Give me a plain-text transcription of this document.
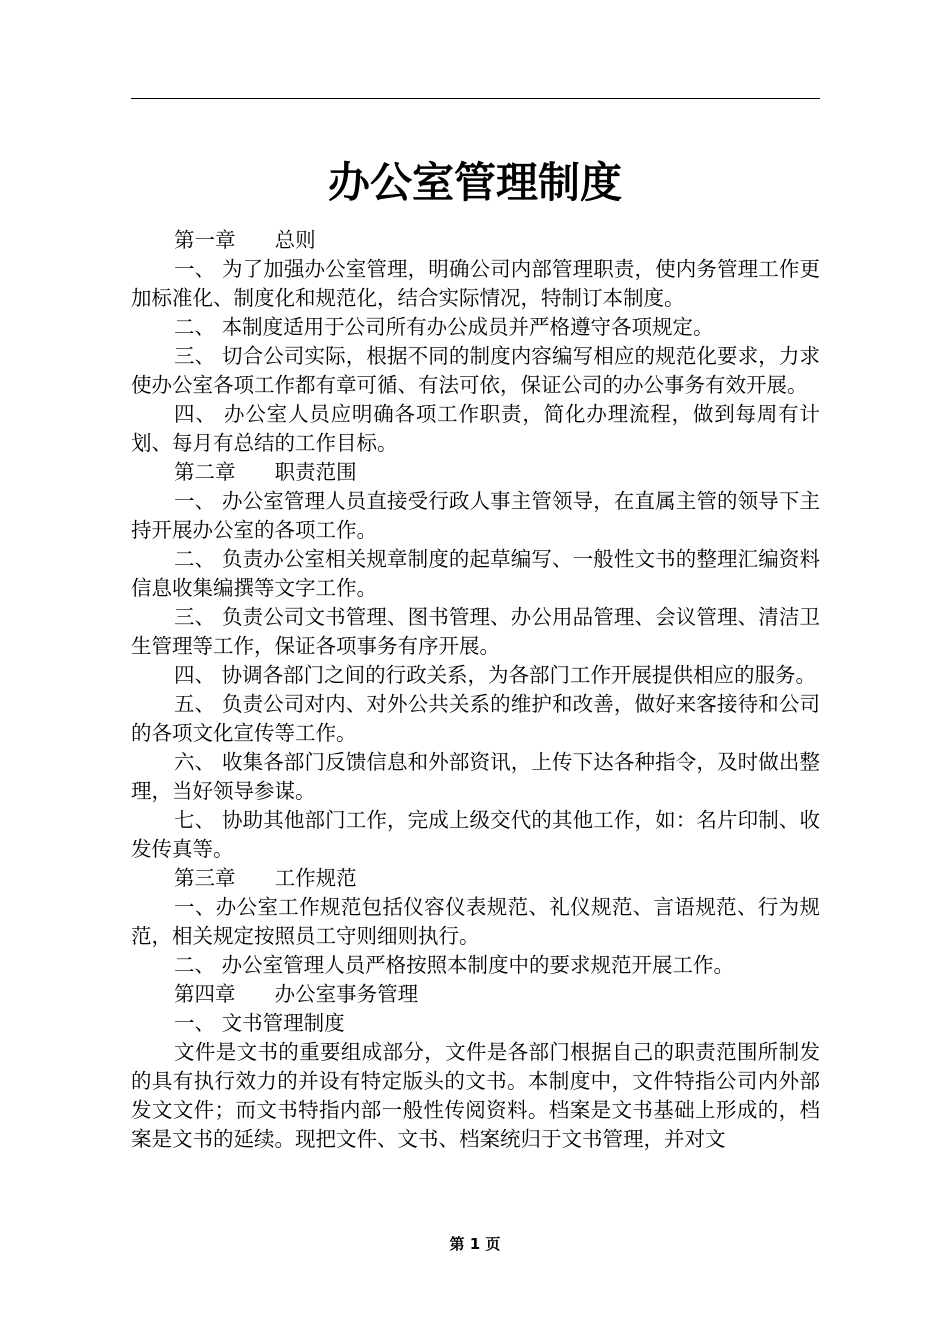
办公室管理制度

第一章      总则

一、 为了加强办公室管理，明确公司内部管理职责，使内务管理工作更加标准化、制度化和规范化，结合实际情况，特制订本制度。

二、 本制度适用于公司所有办公成员并严格遵守各项规定。

三、 切合公司实际，根据不同的制度内容编写相应的规范化要求，力求使办公室各项工作都有章可循、有法可依，保证公司的办公事务有效开展。

四、 办公室人员应明确各项工作职责，简化办理流程，做到每周有计划、每月有总结的工作目标。

第二章      职责范围

一、 办公室管理人员直接受行政人事主管领导，在直属主管的领导下主持开展办公室的各项工作。

二、 负责办公室相关规章制度的起草编写、一般性文书的整理汇编资料信息收集编撰等文字工作。

三、 负责公司文书管理、图书管理、办公用品管理、会议管理、清洁卫生管理等工作，保证各项事务有序开展。

四、 协调各部门之间的行政关系，为各部门工作开展提供相应的服务。

五、 负责公司对内、对外公共关系的维护和改善，做好来客接待和公司的各项文化宣传等工作。

六、 收集各部门反馈信息和外部资讯，上传下达各种指令，及时做出整理，当好领导参谋。

七、 协助其他部门工作，完成上级交代的其他工作，如：名片印制、收发传真等。

第三章      工作规范

一、办公室工作规范包括仪容仪表规范、礼仪规范、言语规范、行为规范，相关规定按照员工守则细则执行。

二、 办公室管理人员严格按照本制度中的要求规范开展工作。

第四章      办公室事务管理

一、 文书管理制度

文件是文书的重要组成部分，文件是各部门根据自己的职责范围所制发的具有执行效力的并设有特定版头的文书。本制度中，文件特指公司内外部发文文件；而文书特指内部一般性传阅资料。档案是文书基础上形成的，档案是文书的延续。现把文件、文书、档案统归于文书管理，并对文

第 1 页
